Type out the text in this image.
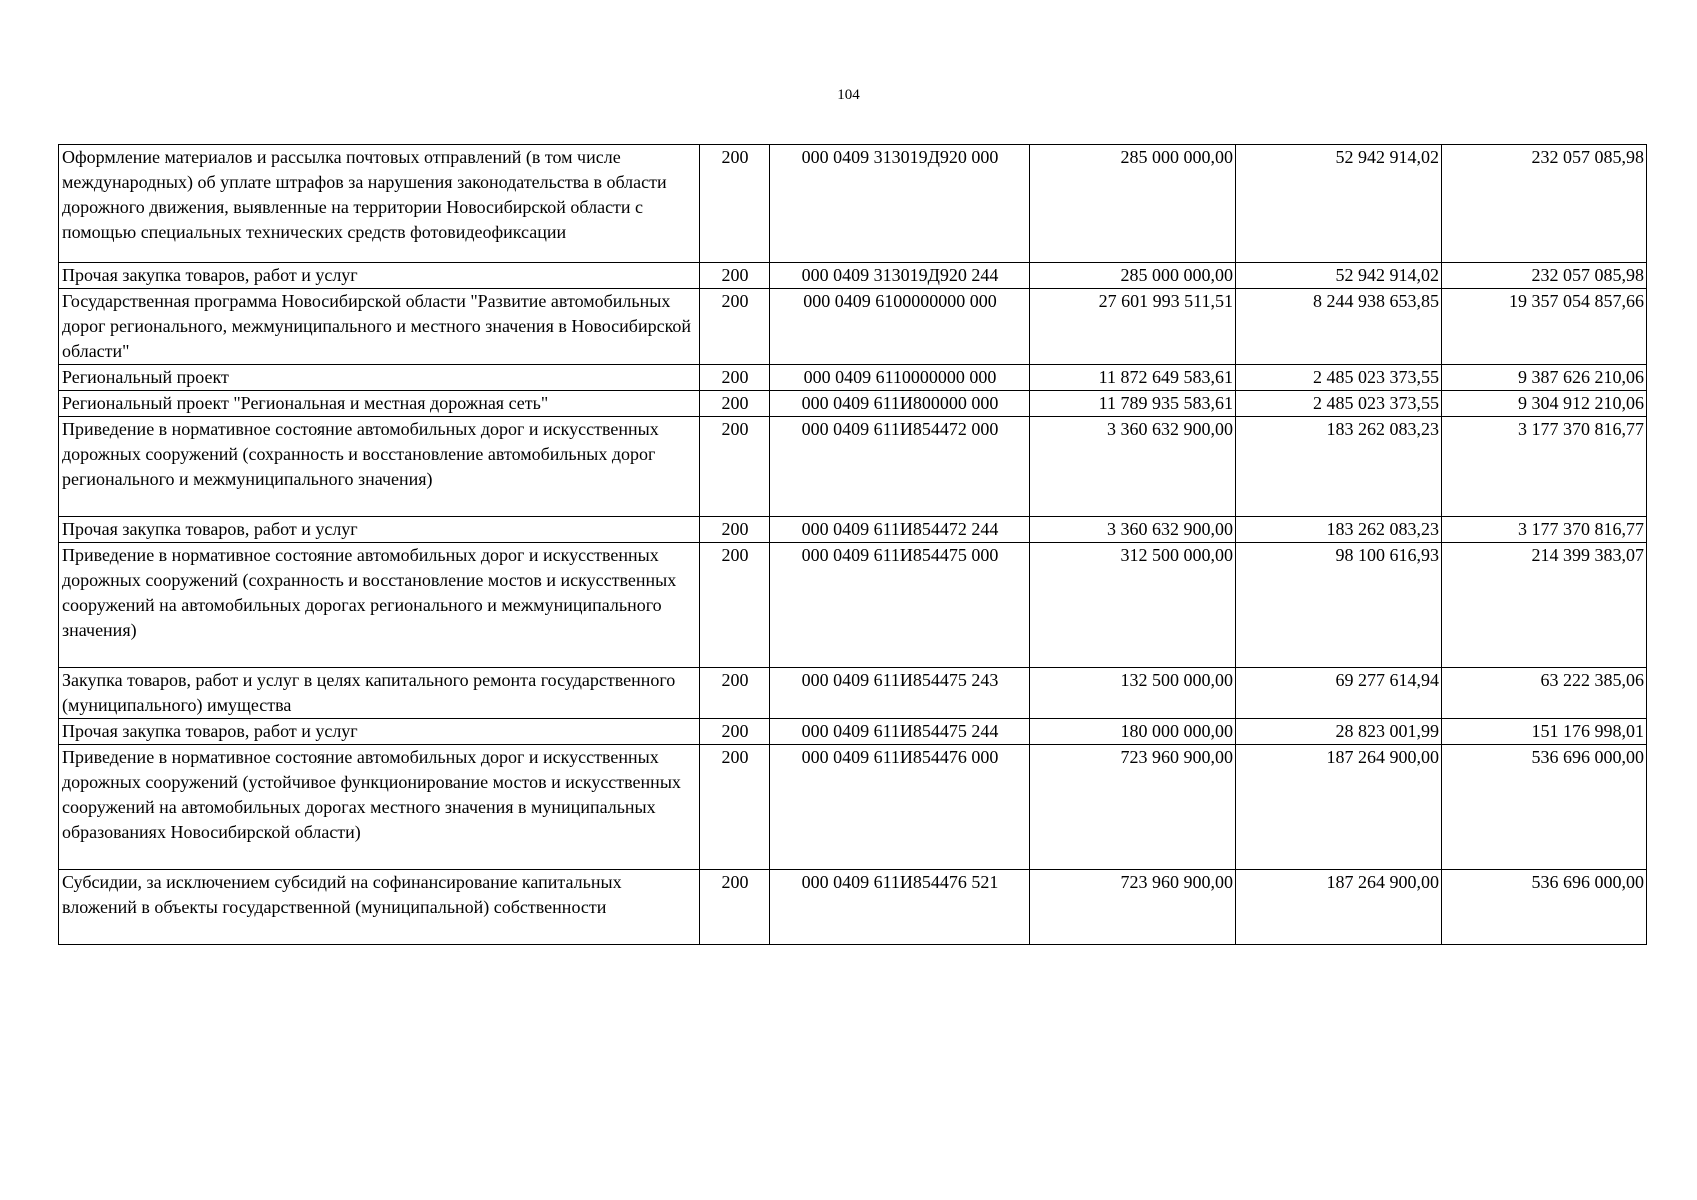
104
Оформление материалов и рассылка почтовых отправлений (в том числе международных) об уплате штрафов за нарушения законодательства в области дорожного движения, выявленные на территории Новосибирской области с помощью специальных технических средств фотовидеофиксации	200	000 0409 313019Д920 000	285 000 000,00	52 942 914,02	232 057 085,98
Прочая закупка товаров, работ и услуг	200	000 0409 313019Д920 244	285 000 000,00	52 942 914,02	232 057 085,98
Государственная программа Новосибирской области "Развитие автомобильных дорог регионального, межмуниципального и местного значения в Новосибирской области"	200	000 0409 6100000000 000	27 601 993 511,51	8 244 938 653,85	19 357 054 857,66
Региональный проект	200	000 0409 6110000000 000	11 872 649 583,61	2 485 023 373,55	9 387 626 210,06
Региональный проект "Региональная и местная дорожная сеть"	200	000 0409 611И800000 000	11 789 935 583,61	2 485 023 373,55	9 304 912 210,06
Приведение в нормативное состояние автомобильных дорог и искусственных дорожных сооружений (сохранность и восстановление автомобильных дорог регионального и межмуниципального значения)	200	000 0409 611И854472 000	3 360 632 900,00	183 262 083,23	3 177 370 816,77
Прочая закупка товаров, работ и услуг	200	000 0409 611И854472 244	3 360 632 900,00	183 262 083,23	3 177 370 816,77
Приведение в нормативное состояние автомобильных дорог и искусственных дорожных сооружений (сохранность и восстановление мостов и искусственных сооружений на автомобильных дорогах регионального и межмуниципального значения)	200	000 0409 611И854475 000	312 500 000,00	98 100 616,93	214 399 383,07
Закупка товаров, работ и услуг в целях капитального ремонта государственного (муниципального) имущества	200	000 0409 611И854475 243	132 500 000,00	69 277 614,94	63 222 385,06
Прочая закупка товаров, работ и услуг	200	000 0409 611И854475 244	180 000 000,00	28 823 001,99	151 176 998,01
Приведение в нормативное состояние автомобильных дорог и искусственных дорожных сооружений (устойчивое функционирование мостов и искусственных сооружений на автомобильных дорогах местного значения в муниципальных образованиях Новосибирской области)	200	000 0409 611И854476 000	723 960 900,00	187 264 900,00	536 696 000,00
Субсидии, за исключением субсидий на софинансирование капитальных вложений в объекты государственной (муниципальной) собственности	200	000 0409 611И854476 521	723 960 900,00	187 264 900,00	536 696 000,00
